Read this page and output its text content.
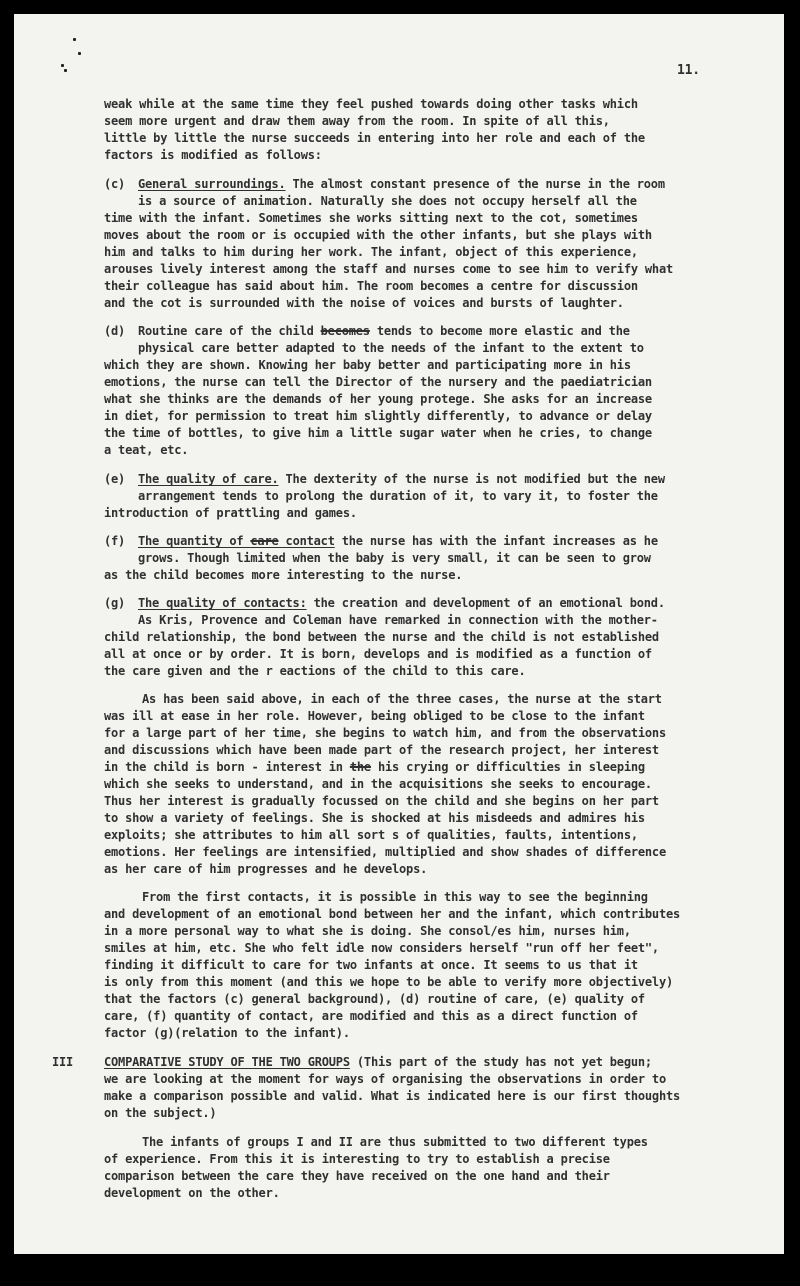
11.
weak while at the same time they feel pushed towards doing other tasks which
seem more urgent and draw them away from the room. In spite of all this,
little by little the nurse succeeds in entering into her role and each of the
factors is modified as follows:
(c) General surroundings. The almost constant presence of the nurse in the room
is a source of animation. Naturally she does not occupy herself all the
time with the infant. Sometimes she works sitting next to the cot, sometimes
moves about the room or is occupied with the other infants, but she plays with
him and talks to him during her work. The infant, object of this experience,
arouses lively interest among the staff and nurses come to see him to verify what
their colleague has said about him. The room becomes a centre for discussion
and the cot is surrounded with the noise of voices and bursts of laughter.
(d) Routine care of the child becomes tends to become more elastic and the
physical care better adapted to the needs of the infant to the extent to
which they are shown. Knowing her baby better and participating more in his
emotions, the nurse can tell the Director of the nursery and the paediatrician
what she thinks are the demands of her young protege. She asks for an increase
in diet, for permission to treat him slightly differently, to advance or delay
the time of bottles, to give him a little sugar water when he cries, to change
a teat, etc.
(e) The quality of care. The dexterity of the nurse is not modified but the new
arrangement tends to prolong the duration of it, to vary it, to foster the
introduction of prattling and games.
(f) The quantity of care contact the nurse has with the infant increases as he
grows. Though limited when the baby is very small, it can be seen to grow
as the child becomes more interesting to the nurse.
(g) The quality of contacts: the creation and development of an emotional bond.
As Kris, Provence and Coleman have remarked in connection with the mother-
child relationship, the bond between the nurse and the child is not established
all at once or by order. It is born, develops and is modified as a function of
the care given and the r eactions of the child to this care.
As has been said above, in each of the three cases, the nurse at the start
was ill at ease in her role. However, being obliged to be close to the infant
for a large part of her time, she begins to watch him, and from the observations
and discussions which have been made part of the research project, her interest
in the child is born - interest in the his crying or difficulties in sleeping
which she seeks to understand, and in the acquisitions she seeks to encourage.
Thus her interest is gradually focussed on the child and she begins on her part
to show a variety of feelings. She is shocked at his misdeeds and admires his
exploits; she attributes to him all sort s of qualities, faults, intentions,
emotions. Her feelings are intensified, multiplied and show shades of difference
as her care of him progresses and he develops.
From the first contacts, it is possible in this way to see the beginning
and development of an emotional bond between her and the infant, which contributes
in a more personal way to what she is doing. She consol/es him, nurses him,
smiles at him, etc. She who felt idle now considers herself "run off her feet",
finding it difficult to care for two infants at once. It seems to us that it
is only from this moment (and this we hope to be able to verify more objectively)
that the factors (c) general background), (d) routine of care, (e) quality of
care, (f) quantity of contact, are modified and this as a direct function of
factor (g)(relation to the infant).
III	COMPARATIVE STUDY OF THE TWO GROUPS (This part of the study has not yet begun;
we are looking at the moment for ways of organising the observations in order to
make a comparison possible and valid. What is indicated here is our first thoughts
on the subject.)
The infants of groups I and II are thus submitted to two different types
of experience. From this it is interesting to try to establish a precise
comparison between the care they have received on the one hand and their
development on the other.
